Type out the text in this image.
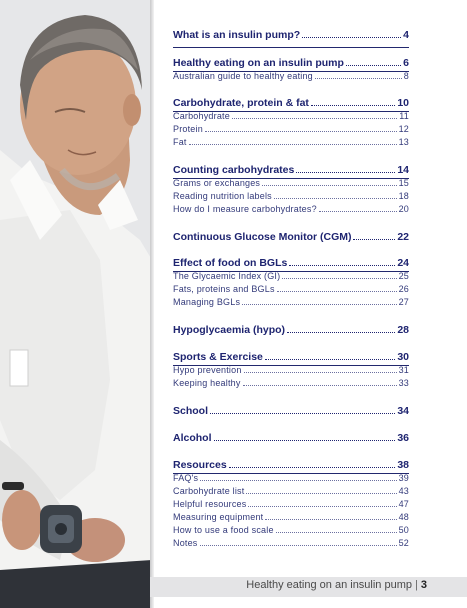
What is an insulin pump?	4
Healthy eating on an insulin pump	6
Australian guide to healthy eating	8
Carbohydrate, protein & fat	10
Carbohydrate	11
Protein	12
Fat	13
Counting carbohydrates	14
Grams or exchanges	15
Reading nutrition labels	18
How do I measure carbohydrates?	20
Continuous Glucose Monitor (CGM)	22
Effect of food on BGLs	24
The Glycaemic Index (GI)	25
Fats, proteins and BGLs	26
Managing BGLs	27
Hypoglycaemia (hypo)	28
Sports & Exercise	30
Hypo prevention	31
Keeping healthy	33
School	34
Alcohol	36
Resources	38
FAQ's	39
Carbohydrate list	43
Helpful resources	47
Measuring equipment	48
How to use a food scale	50
Notes	52
Healthy eating on an insulin pump | 3
